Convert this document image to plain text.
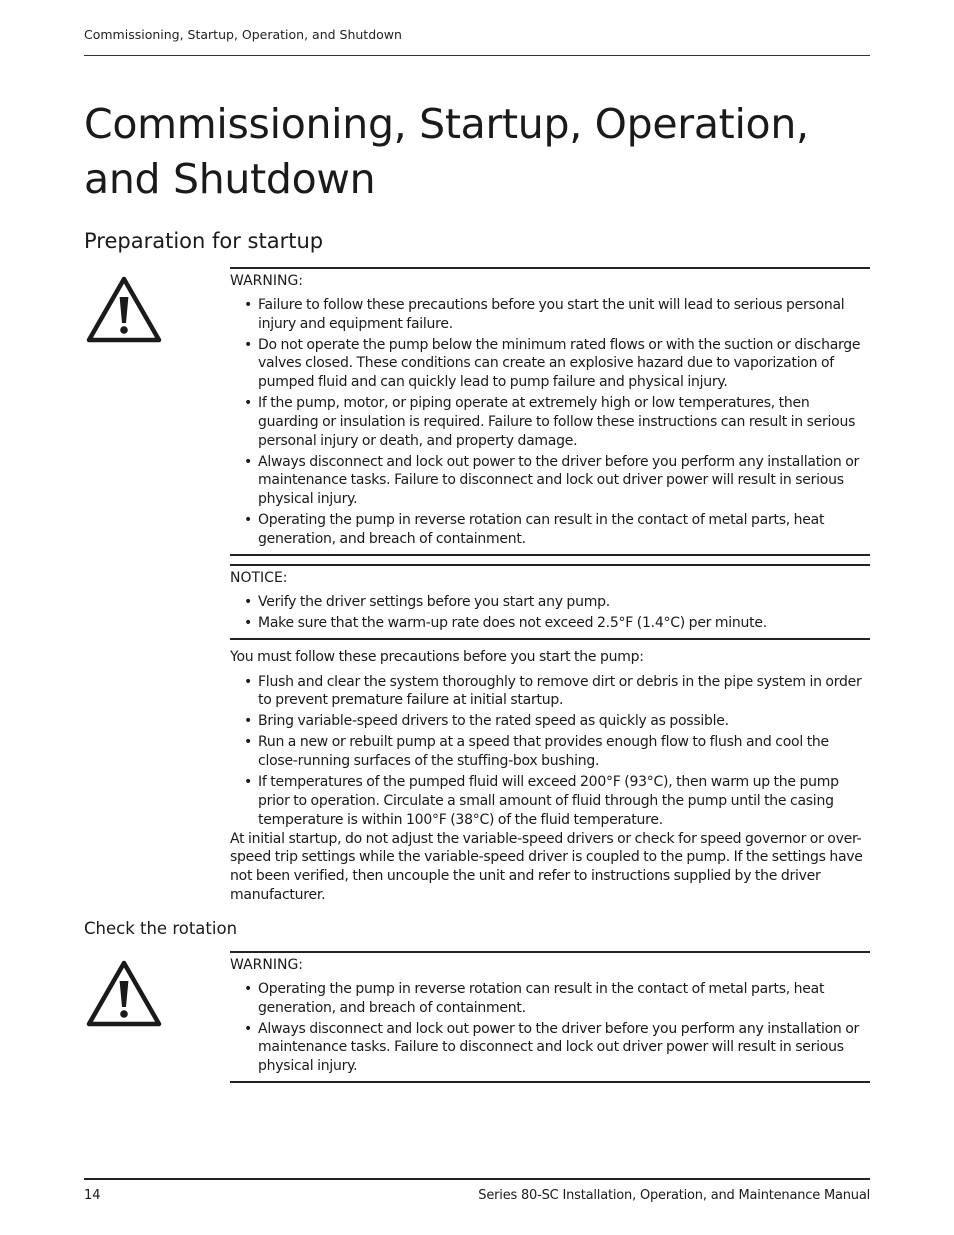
Commissioning, Startup, Operation, and Shutdown
Commissioning, Startup, Operation, and Shutdown
Preparation for startup
WARNING:
• Failure to follow these precautions before you start the unit will lead to serious personal injury and equipment failure.
• Do not operate the pump below the minimum rated flows or with the suction or discharge valves closed. These conditions can create an explosive hazard due to vaporization of pumped fluid and can quickly lead to pump failure and physical injury.
• If the pump, motor, or piping operate at extremely high or low temperatures, then guarding or insulation is required. Failure to follow these instructions can result in serious personal injury or death, and property damage.
• Always disconnect and lock out power to the driver before you perform any installation or maintenance tasks. Failure to disconnect and lock out driver power will result in serious physical injury.
• Operating the pump in reverse rotation can result in the contact of metal parts, heat generation, and breach of containment.
NOTICE:
• Verify the driver settings before you start any pump.
• Make sure that the warm-up rate does not exceed 2.5°F (1.4°C) per minute.

You must follow these precautions before you start the pump:

• Flush and clear the system thoroughly to remove dirt or debris in the pipe system in order to prevent premature failure at initial startup.
• Bring variable-speed drivers to the rated speed as quickly as possible.
• Run a new or rebuilt pump at a speed that provides enough flow to flush and cool the close-running surfaces of the stuffing-box bushing.
• If temperatures of the pumped fluid will exceed 200°F (93°C), then warm up the pump prior to operation. Circulate a small amount of fluid through the pump until the casing temperature is within 100°F (38°C) of the fluid temperature.

At initial startup, do not adjust the variable-speed drivers or check for speed governor or over-speed trip settings while the variable-speed driver is coupled to the pump. If the settings have not been verified, then uncouple the unit and refer to instructions supplied by the driver manufacturer.

Check the rotation
WARNING:
• Operating the pump in reverse rotation can result in the contact of metal parts, heat generation, and breach of containment.
• Always disconnect and lock out power to the driver before you perform any installation or maintenance tasks. Failure to disconnect and lock out driver power will result in serious physical injury.
14	Series 80-SC Installation, Operation, and Maintenance Manual
